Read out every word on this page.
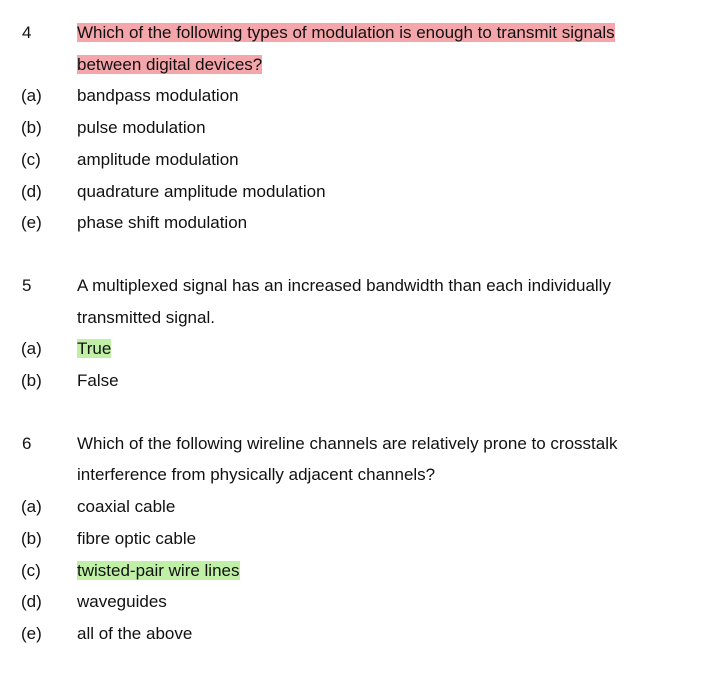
4	Which of the following types of modulation is enough to transmit signals between digital devices?
(a)	bandpass modulation
(b)	pulse modulation
(c)	amplitude modulation
(d)	quadrature amplitude modulation
(e)	phase shift modulation
5	A multiplexed signal has an increased bandwidth than each individually transmitted signal.
(a)	True
(b)	False
6	Which of the following wireline channels are relatively prone to crosstalk interference from physically adjacent channels?
(a)	coaxial cable
(b)	fibre optic cable
(c)	twisted-pair wire lines
(d)	waveguides
(e)	all of the above
